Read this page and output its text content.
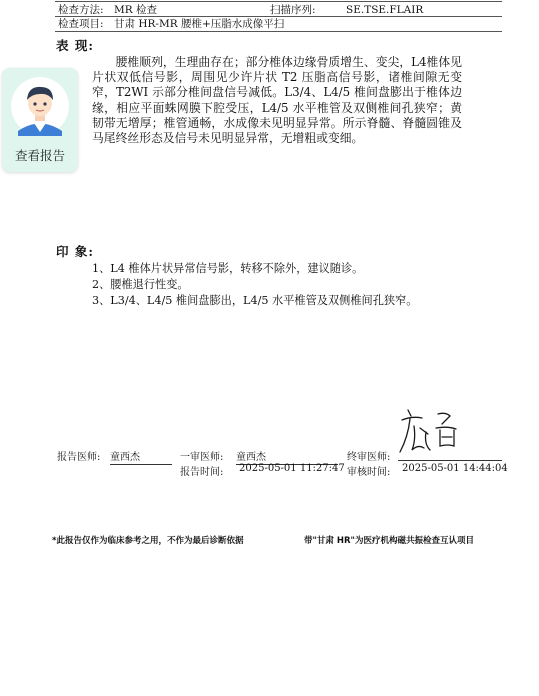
检查方法: MR 检查	扫描序列:	SE.TSE.FLAIR
检查项目: 甘肃 HR-MR 腰椎+压脂水成像平扫
表 现:
腰椎顺列，生理曲存在；部分椎体边缘骨质增生、变尖，L4椎体见片状双低信号影，周围见少许片状 T2 压脂高信号影，诸椎间隙无变窄，T2WI 示部分椎间盘信号减低。L3/4、L4/5 椎间盘膨出于椎体边缘，相应平面蛛网膜下腔受压，L4/5 水平椎管及双侧椎间孔狭窄；黄韧带无增厚；椎管通畅，水成像未见明显异常。所示脊髓、脊髓圆锥及马尾终丝形态及信号未见明显异常，无增粗或变细。
查看报告
印 象:
1、L4 椎体片状异常信号影，转移不除外，建议随诊。
2、腰椎退行性变。
3、L3/4、L4/5 椎间盘膨出，L4/5 水平椎管及双侧椎间孔狭窄。
报告医师: 童西杰	一审医师: 童西杰	终审医师:
报告时间: 2025-05-01 11:27:47 审核时间: 2025-05-01 14:44:04
*此报告仅作为临床参考之用，不作为最后诊断依据	带"甘肃 HR"为医疗机构磁共振检查互认项目
